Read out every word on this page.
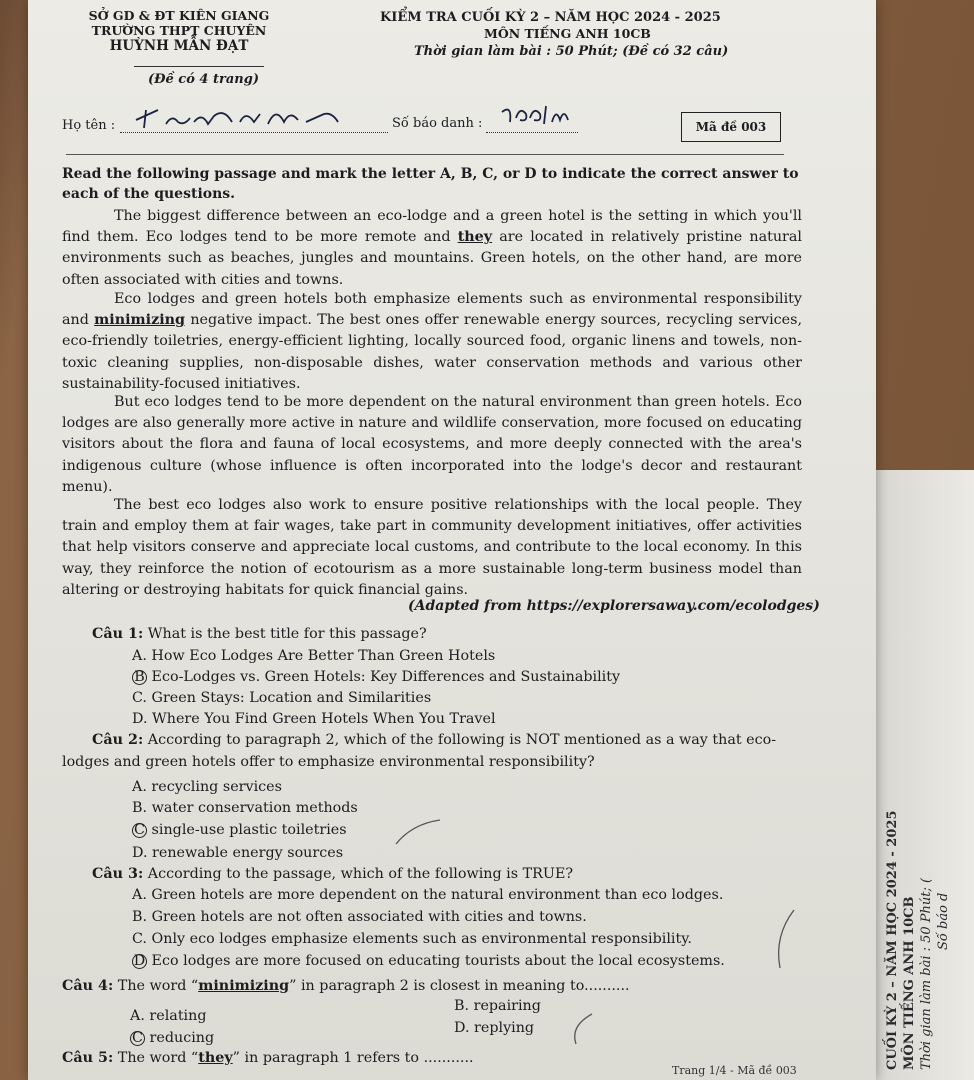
CUỐI KỲ 2 – NĂM HỌC 2024 - 2025 MÔN TIẾNG ANH 10CB Thời gian làm bài : 50 Phút; ( Số báo d
SỞ GD & ĐT KIÊN GIANG
TRƯỜNG THPT CHUYÊN
HUỲNH MẪN ĐẠT
(Đề có 4 trang)
KIỂM TRA CUỐI KỲ 2 – NĂM HỌC 2024 - 2025
MÔN TIẾNG ANH 10CB
Thời gian làm bài : 50 Phút; (Đề có 32 câu)
Họ tên :	Số báo danh :	Mã đề 003
Read the following passage and mark the letter A, B, C, or D to indicate the correct answer to each of the questions.
The biggest difference between an eco-lodge and a green hotel is the setting in which you'll find them. Eco lodges tend to be more remote and they are located in relatively pristine natural environments such as beaches, jungles and mountains. Green hotels, on the other hand, are more often associated with cities and towns.
Eco lodges and green hotels both emphasize elements such as environmental responsibility and minimizing negative impact. The best ones offer renewable energy sources, recycling services, eco-friendly toiletries, energy-efficient lighting, locally sourced food, organic linens and towels, non-toxic cleaning supplies, non-disposable dishes, water conservation methods and various other sustainability-focused initiatives.
But eco lodges tend to be more dependent on the natural environment than green hotels. Eco lodges are also generally more active in nature and wildlife conservation, more focused on educating visitors about the flora and fauna of local ecosystems, and more deeply connected with the area's indigenous culture (whose influence is often incorporated into the lodge's decor and restaurant menu).
The best eco lodges also work to ensure positive relationships with the local people. They train and employ them at fair wages, take part in community development initiatives, offer activities that help visitors conserve and appreciate local customs, and contribute to the local economy. In this way, they reinforce the notion of ecotourism as a more sustainable long-term business model than altering or destroying habitats for quick financial gains.
(Adapted from https://explorersaway.com/ecolodges)
Câu 1: What is the best title for this passage?
A. How Eco Lodges Are Better Than Green Hotels
B Eco-Lodges vs. Green Hotels: Key Differences and Sustainability
C. Green Stays: Location and Similarities
D. Where You Find Green Hotels When You Travel
Câu 2: According to paragraph 2, which of the following is NOT mentioned as a way that eco-
lodges and green hotels offer to emphasize environmental responsibility?
A. recycling services
B. water conservation methods
C single-use plastic toiletries
D. renewable energy sources
Câu 3: According to the passage, which of the following is TRUE?
A. Green hotels are more dependent on the natural environment than eco lodges.
B. Green hotels are not often associated with cities and towns.
C. Only eco lodges emphasize elements such as environmental responsibility.
D Eco lodges are more focused on educating tourists about the local ecosystems.
Câu 4: The word “minimizing” in paragraph 2 is closest in meaning to..........
A. relating
B. repairing
C reducing
D. replying
Câu 5: The word “they” in paragraph 1 refers to ...........
Trang 1/4 - Mã đề 003
